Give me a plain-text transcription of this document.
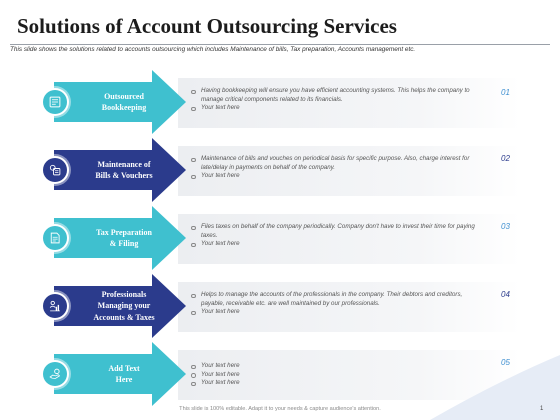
Solutions of Account Outsourcing Services
This slide shows the solutions related to accounts outsourcing which includes Maintenance of bills, Tax preparation, Accounts management etc.
Outsourced
Bookkeeping
Having bookkeeping will ensure you have efficient accounting systems. This helps the company to manage critical components related to its financials.
Your text here
01
Maintenance of
Bills & Vouchers
Maintenance of bills and vouches on periodical basis for specific purpose. Also, charge interest for late/delay in payments on behalf of the company.
Your text here
02
Tax Preparation
& Filing
Files taxes on behalf of the company periodically. Company don't have to invest their time for paying taxes.
Your text here
03
Professionals
Managing your
Accounts & Taxes
Helps to manage the accounts of the professionals in the company. Their debtors and creditors, payable, receivable etc. are well maintained by our professionals.
Your text here
04
Add Text
Here
Your text here
Your text here
Your text here
05
This slide is 100% editable. Adapt it to your needs & capture audience's attention.	1
